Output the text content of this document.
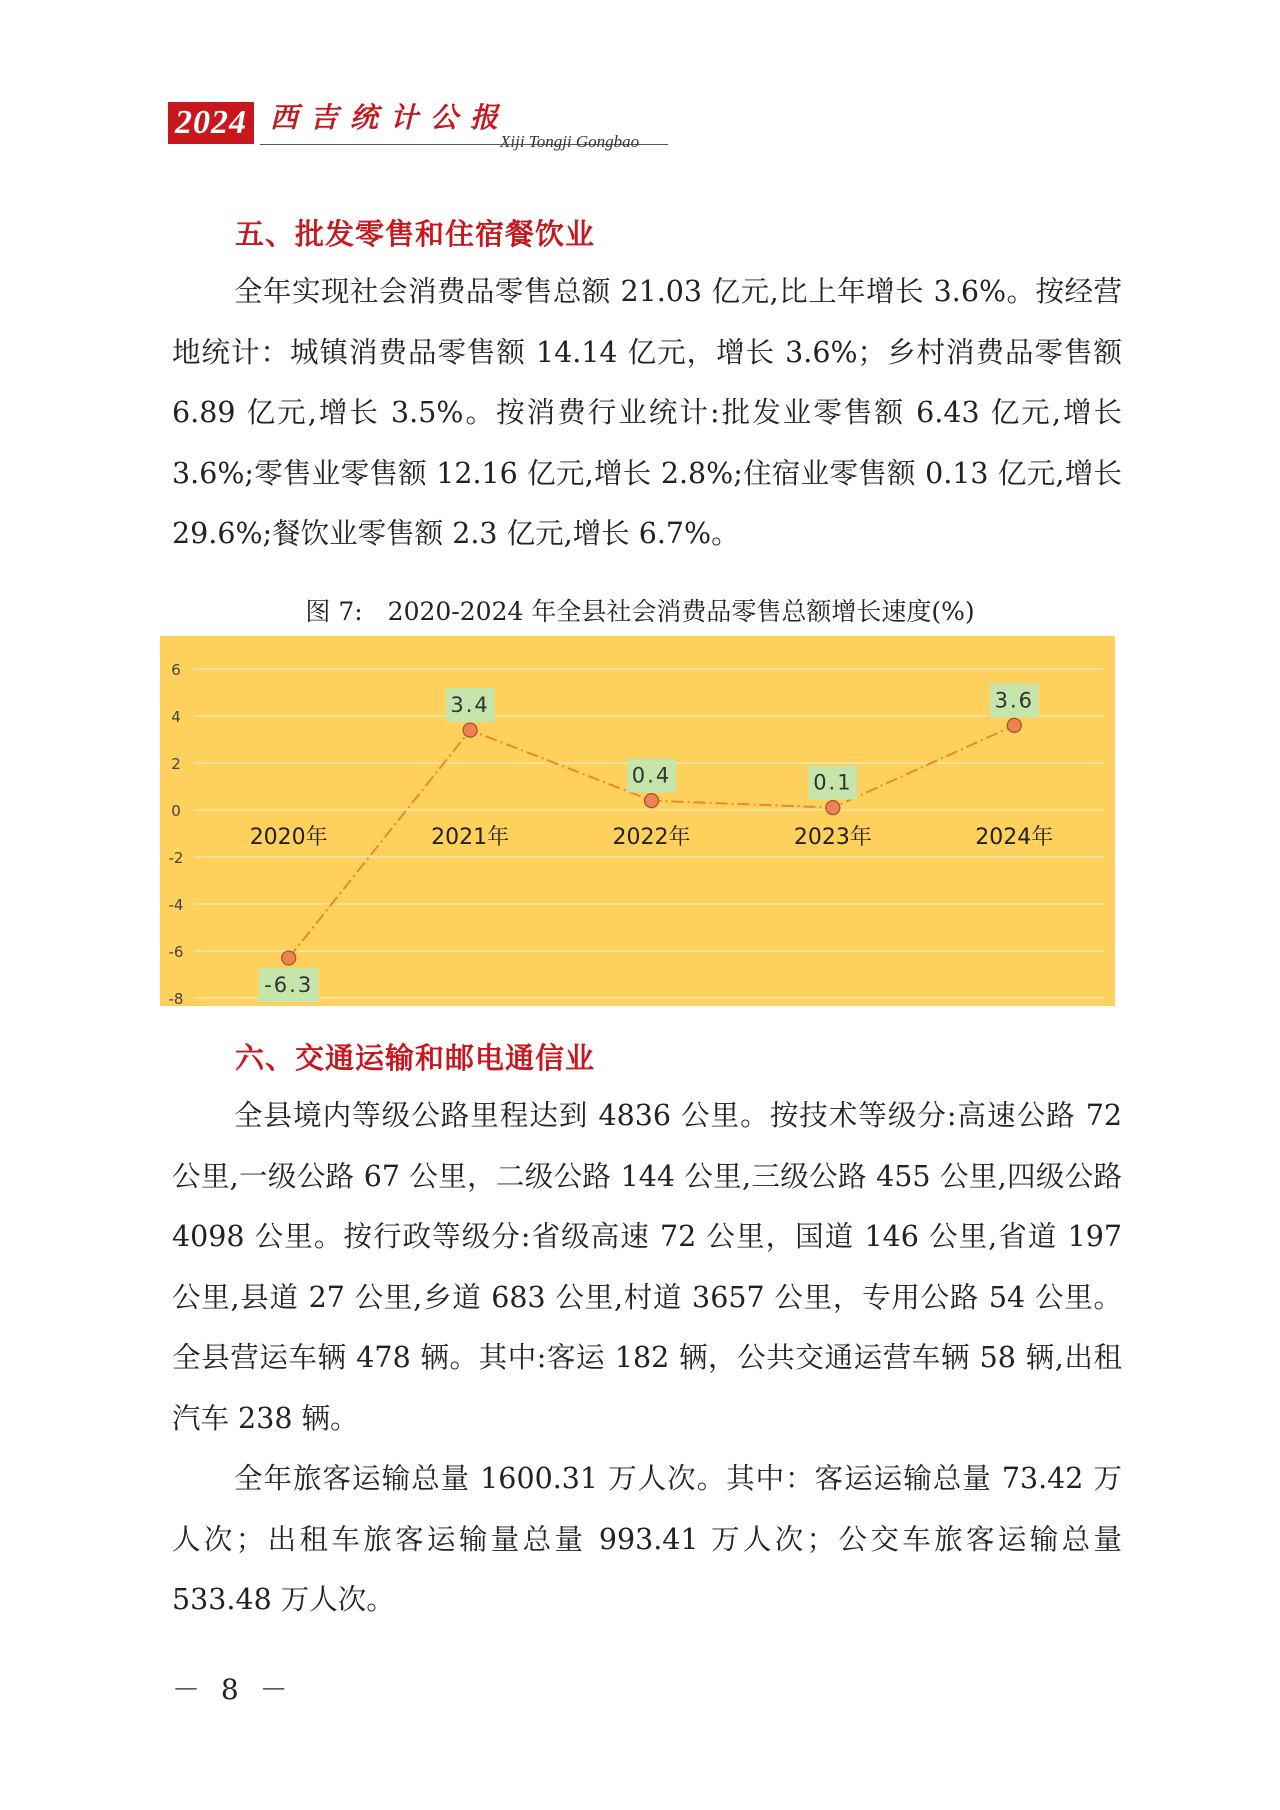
2024 西吉统计公报
Xiji Tongji Gongbao
五、批发零售和住宿餐饮业

全年实现社会消费品零售总额 21.03 亿元,比上年增长 3.6%。按经营地统计：城镇消费品零售额 14.14 亿元，增长 3.6%；乡村消费品零售额 6.89 亿元,增长 3.5%。按消费行业统计:批发业零售额 6.43 亿元,增长 3.6%;零售业零售额 12.16 亿元,增长 2.8%;住宿业零售额 0.13 亿元,增长 29.6%;餐饮业零售额 2.3 亿元,增长 6.7%。

图 7:　2020-2024 年全县社会消费品零售总额增长速度(%)
6
4
2
0
-2
-4
-6
-8
2020年	2021年	2022年	2023年	2024年
-6.3
3.4
0.4	0.1
3.6
六、交通运输和邮电通信业

全县境内等级公路里程达到 4836 公里。按技术等级分:高速公路 72 公里,一级公路 67 公里，二级公路 144 公里,三级公路 455 公里,四级公路 4098 公里。按行政等级分:省级高速 72 公里，国道 146 公里,省道 197 公里,县道 27 公里,乡道 683 公里,村道 3657 公里，专用公路 54 公里。全县营运车辆 478 辆。其中:客运 182 辆，公共交通运营车辆 58 辆,出租汽车 238 辆。

全年旅客运输总量 1600.31 万人次。其中：客运运输总量 73.42 万人次；出租车旅客运输量总量 993.41 万人次；公交车旅客运输总量 533.48 万人次。

－ 8 －
